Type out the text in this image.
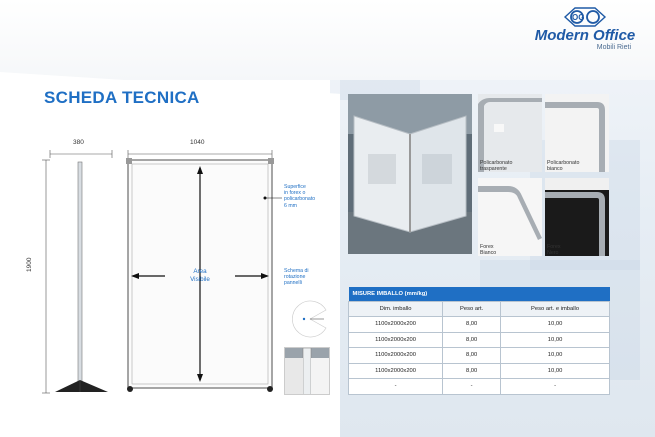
OG
Modern Office
Mobili Rieti
SCHEDA TECNICA
380	1040
1900	Area
Visibile
Superfice
in forex o
policarbonato
6 mm
Schema di
rotazione
pannelli
Policarbonato
trasparente
Policarbonato
bianco
Forex
Bianco
Forex
Nero
MISURE IMBALLO (mm/kg)		
Dim. imballo	Peso art.	Peso art. e imballo
1100x2000x200	8,00	10,00
1100x2000x200	8,00	10,00
1100x2000x200	8,00	10,00
1100x2000x200	8,00	10,00
-	-	-
